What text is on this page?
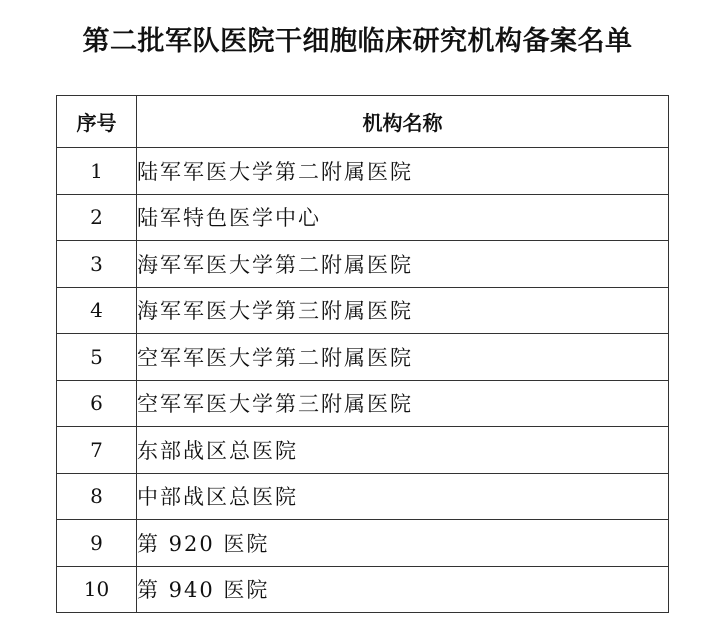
第二批军队医院干细胞临床研究机构备案名单
序号	机构名称
1	陆军军医大学第二附属医院
2	陆军特色医学中心
3	海军军医大学第二附属医院
4	海军军医大学第三附属医院
5	空军军医大学第二附属医院
6	空军军医大学第三附属医院
7	东部战区总医院
8	中部战区总医院
9	第 920 医院
10	第 940 医院
